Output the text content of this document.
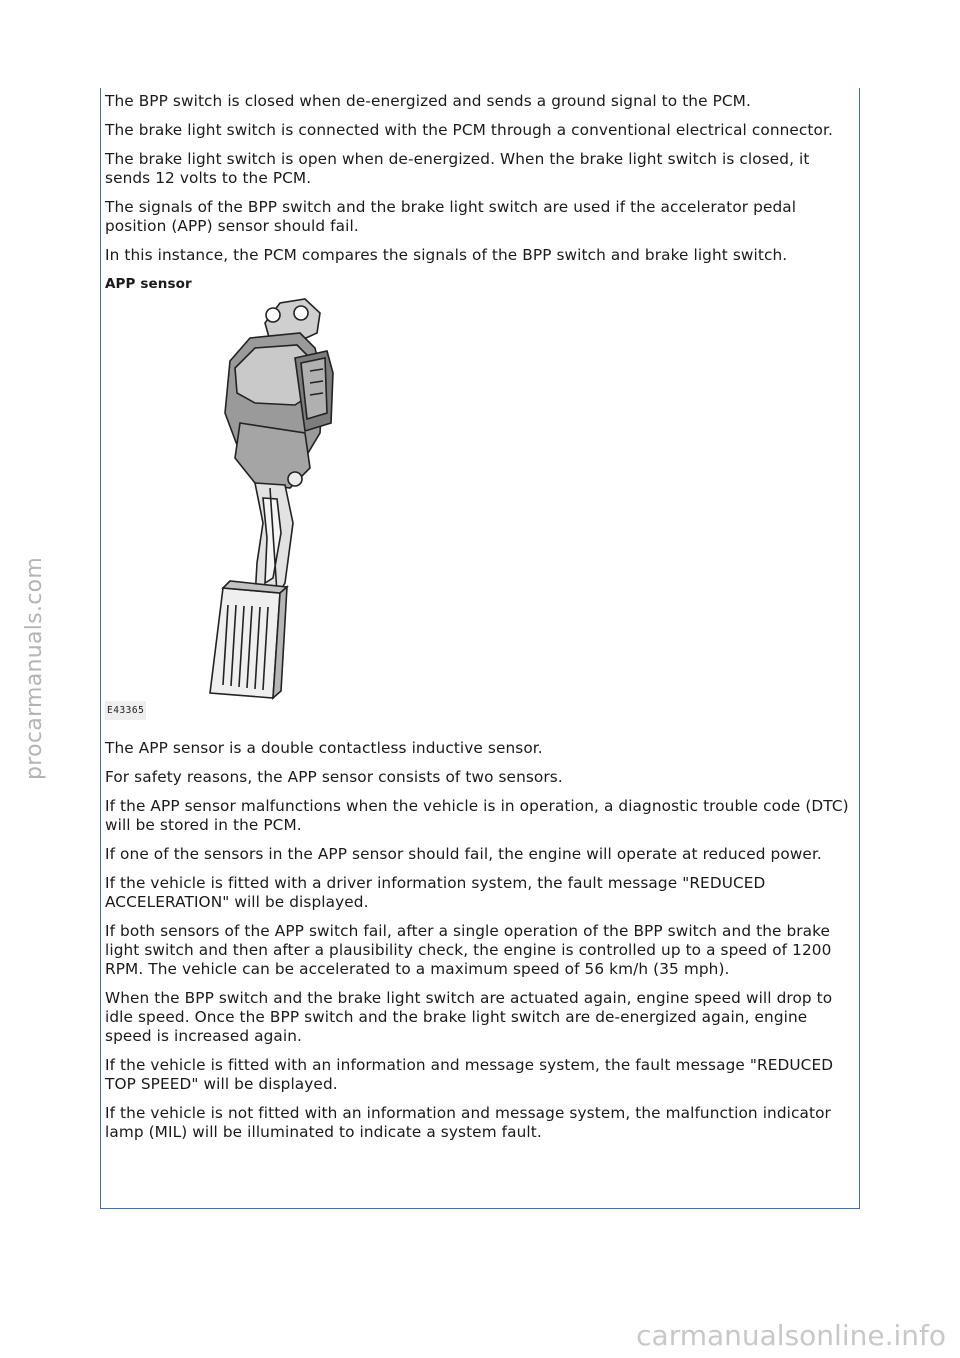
The BPP switch is closed when de-energized and sends a ground signal to the PCM.

The brake light switch is connected with the PCM through a conventional electrical connector.

The brake light switch is open when de-energized. When the brake light switch is closed, it sends 12 volts to the PCM.

The signals of the BPP switch and the brake light switch are used if the accelerator pedal position (APP) sensor should fail.

In this instance, the PCM compares the signals of the BPP switch and brake light switch.

APP sensor
E43365

The APP sensor is a double contactless inductive sensor.

For safety reasons, the APP sensor consists of two sensors.

If the APP sensor malfunctions when the vehicle is in operation, a diagnostic trouble code (DTC) will be stored in the PCM.

If one of the sensors in the APP sensor should fail, the engine will operate at reduced power.

If the vehicle is fitted with a driver information system, the fault message "REDUCED ACCELERATION" will be displayed.

If both sensors of the APP switch fail, after a single operation of the BPP switch and the brake light switch and then after a plausibility check, the engine is controlled up to a speed of 1200 RPM. The vehicle can be accelerated to a maximum speed of 56 km/h (35 mph).

When the BPP switch and the brake light switch are actuated again, engine speed will drop to idle speed. Once the BPP switch and the brake light switch are de-energized again, engine speed is increased again.

If the vehicle is fitted with an information and message system, the fault message "REDUCED TOP SPEED" will be displayed.

If the vehicle is not fitted with an information and message system, the malfunction indicator lamp (MIL) will be illuminated to indicate a system fault.

procarmanuals.com
carmanualsonline.info
